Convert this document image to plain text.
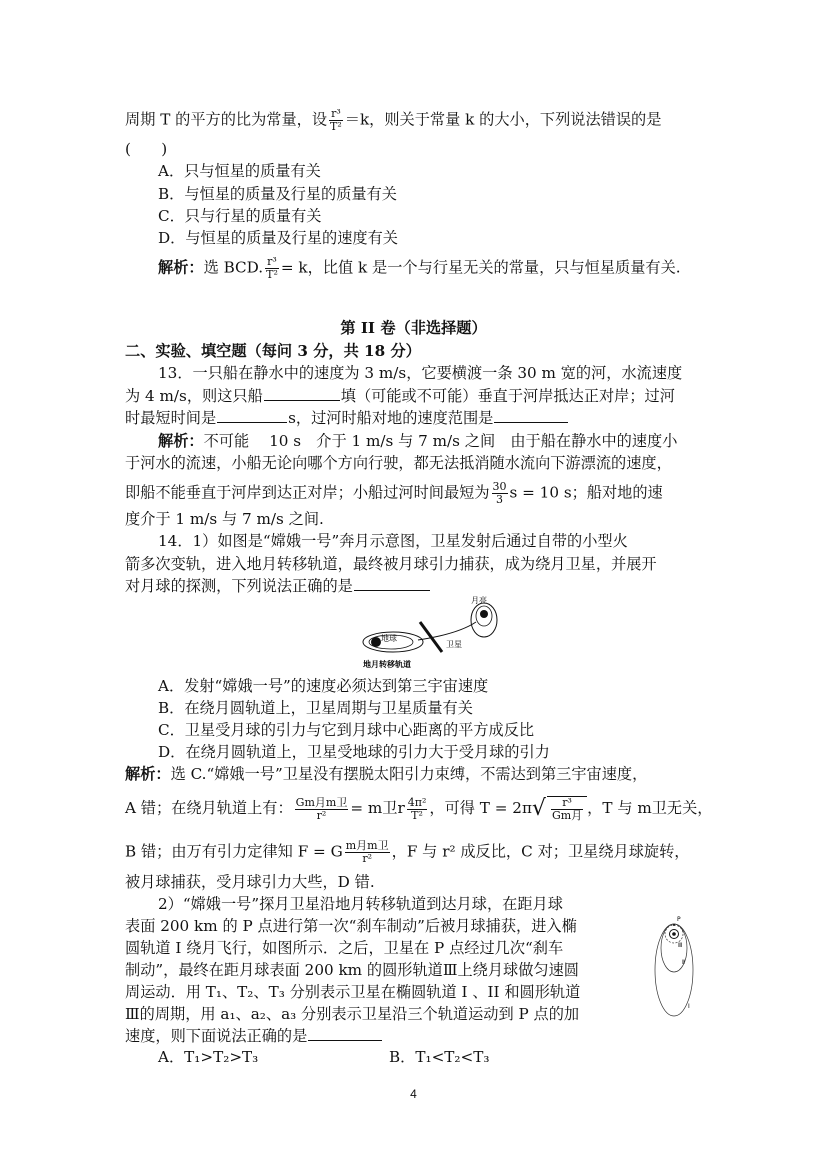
周期 T 的平方的比为常量，设 $\frac{\text{r³}}{\text{T²}} =k$，则关于常量 k 的大小，下列说法错误的是
(　　)
A．只与恒星的质量有关
B．与恒星的质量及行星的质量有关
C．只与行星的质量有关
D．与恒星的质量及行星的速度有关
解析：选 BCD. $\frac{\text{r³}}{\text{T²}} = k$，比值 k 是一个与行星无关的常量，只与恒星质量有关.
第 II 卷（非选择题）
二、实验、填空题（每问 3 分，共 18 分）
13．一只船在静水中的速度为 3 m/s，它要横渡一条 30 m 宽的河，水流速度
为 4 m/s，则这只船	填（可能或不可能）垂直于河岸抵达正对岸；过河
时最短时间是	s，过河时船对地的速度范围是
解析：不可能　 10 s　介于 1 m/s 与 7 m/s 之间　由于船在静水中的速度小
于河水的流速，小船无论向哪个方向行驶，都无法抵消随水流向下游漂流的速度，
即船不能垂直于河岸到达正对岸；小船过河时间最短为 $\frac{30}{3}$ s = 10 s；船对地的速
度介于 1 m/s 与 7 m/s 之间.
14．1）如图是“嫦娥一号”奔月示意图，卫星发射后通过自带的小型火
箭多次变轨，进入地月转移轨道，最终被月球引力捕获，成为绕月卫星，并展开
对月球的探测，下列说法正确的是
地球
卫星
月亮
地月转移轨道
A．发射“嫦娥一号”的速度必须达到第三宇宙速度
B．在绕月圆轨道上，卫星周期与卫星质量有关
C．卫星受月球的引力与它到月球中心距离的平方成反比
D．在绕月圆轨道上，卫星受地球的引力大于受月球的引力
解析：选 C.“嫦娥一号”卫星没有摆脱太阳引力束缚，不需达到第三宇宙速度，
A 错；在绕月轨道上有： $\frac{\text{Gm月m卫}}{\text{r²}} = m$卫r $\frac{\text{4π²}}{\text{T²}}$ ，可得 $T = 2\pi√ \frac{\text{r³}}{\text{Gm月}}$ ，T 与 m卫无关，
B 错；由万有引力定律知 F = G $\frac{\text{m月m卫}}{\text{r²}}$ ，F 与 r² 成反比，C 对；卫星绕月球旋转，
被月球捕获，受月球引力大些，D 错.
2）“嫦娥一号”探月卫星沿地月转移轨道到达月球，在距月球
表面 200 km 的 P 点进行第一次“刹车制动”后被月球捕获，进入椭
圆轨道 I 绕月飞行，如图所示．之后，卫星在 P 点经过几次“刹车
制动”，最终在距月球表面 200 km 的圆形轨道Ⅲ上绕月球做匀速圆
周运动．用 T₁、T₂、T₃ 分别表示卫星在椭圆轨道 I 、II 和圆形轨道
Ⅲ的周期，用 a₁、a₂、a₃ 分别表示卫星沿三个轨道运动到 P 点的加
速度，则下面说法正确的是
P
Ⅲ
Ⅱ
Ⅰ
A．T₁>T₂>T₃	B．T₁<T₂<T₃
4
